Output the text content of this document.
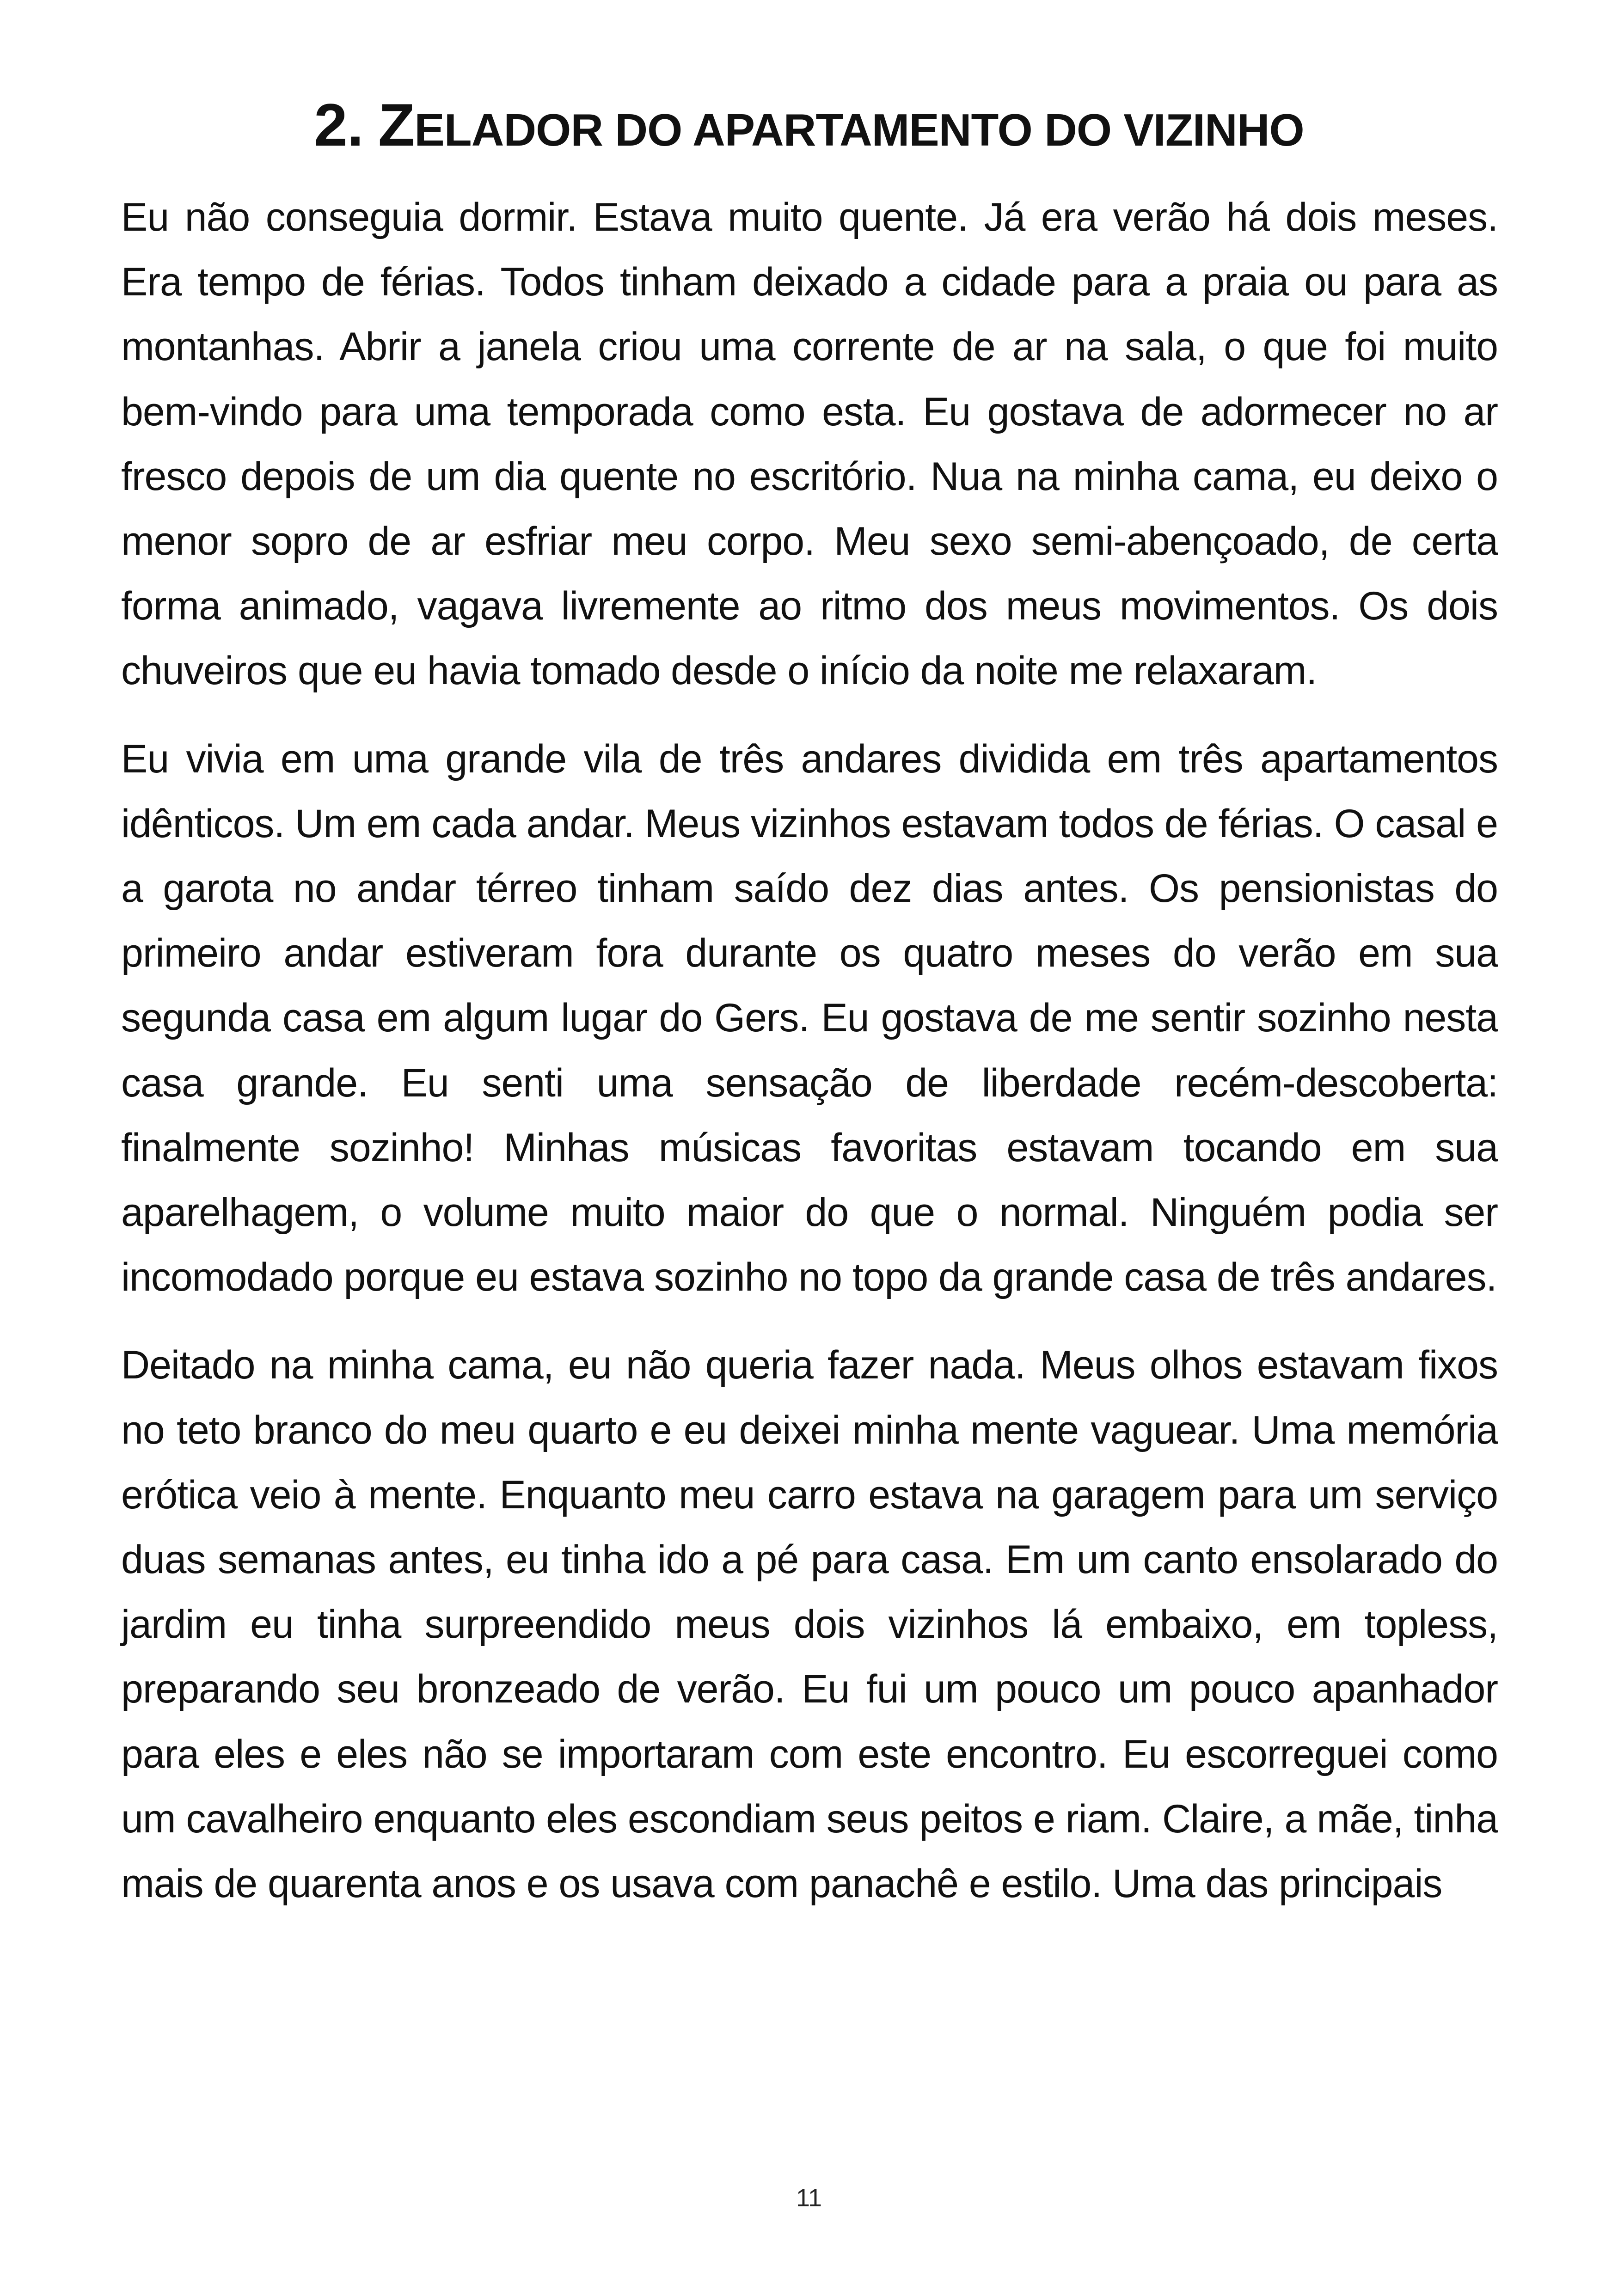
2. ZELADOR DO APARTAMENTO DO VIZINHO

Eu não conseguia dormir. Estava muito quente. Já era verão há dois meses. Era tempo de férias. Todos tinham deixado a cidade para a praia ou para as montanhas. Abrir a janela criou uma corrente de ar na sala, o que foi muito bem-vindo para uma temporada como esta. Eu gostava de adormecer no ar fresco depois de um dia quente no escritório. Nua na minha cama, eu deixo o menor sopro de ar esfriar meu corpo. Meu sexo semi-abençoado, de certa forma animado, vagava livremente ao ritmo dos meus movimentos. Os dois chuveiros que eu havia tomado desde o início da noite me relaxaram.

Eu vivia em uma grande vila de três andares dividida em três apartamentos idênticos. Um em cada andar. Meus vizinhos estavam todos de férias. O casal e a garota no andar térreo tinham saído dez dias antes. Os pensionistas do primeiro andar estiveram fora durante os quatro meses do verão em sua segunda casa em algum lugar do Gers. Eu gostava de me sentir sozinho nesta casa grande. Eu senti uma sensação de liberdade recém-descoberta: finalmente sozinho! Minhas músicas favoritas estavam tocando em sua aparelhagem, o volume muito maior do que o normal. Ninguém podia ser incomodado porque eu estava sozinho no topo da grande casa de três andares.

Deitado na minha cama, eu não queria fazer nada. Meus olhos estavam fixos no teto branco do meu quarto e eu deixei minha mente vaguear. Uma memória erótica veio à mente. Enquanto meu carro estava na garagem para um serviço duas semanas antes, eu tinha ido a pé para casa. Em um canto ensolarado do jardim eu tinha surpreendido meus dois vizinhos lá embaixo, em topless, preparando seu bronzeado de verão. Eu fui um pouco um pouco apanhador para eles e eles não se importaram com este encontro. Eu escorreguei como um cavalheiro enquanto eles escondiam seus peitos e riam. Claire, a mãe, tinha mais de quarenta anos e os usava com panachê e estilo. Uma das principais

11
